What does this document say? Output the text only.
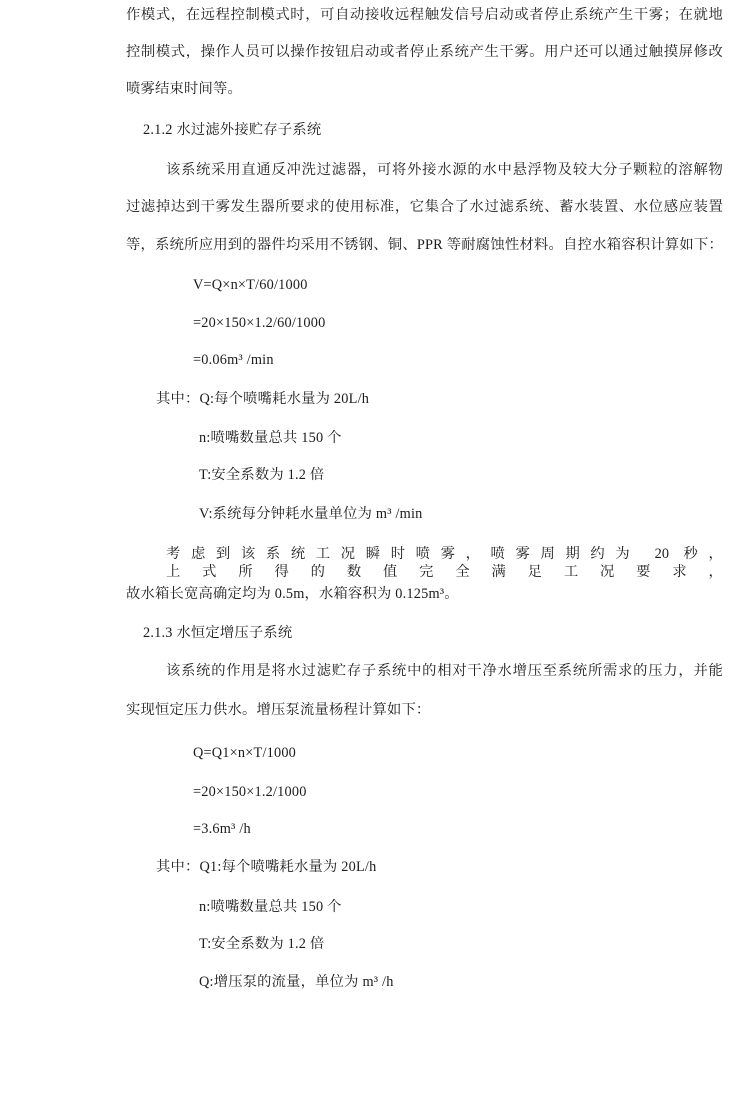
作模式，在远程控制模式时，可自动接收远程触发信号启动或者停止系统产生干雾；在就地
控制模式，操作人员可以操作按钮启动或者停止系统产生干雾。用户还可以通过触摸屏修改
喷雾结束时间等。
2.1.2 水过滤外接贮存子系统
该系统采用直通反冲洗过滤器，可将外接水源的水中悬浮物及较大分子颗粒的溶解物
过滤掉达到干雾发生器所要求的使用标准，它集合了水过滤系统、蓄水装置、水位感应装置
等，系统所应用到的器件均采用不锈钢、铜、PPR 等耐腐蚀性材料。自控水箱容积计算如下：
V=Q×n×T/60/1000
=20×150×1.2/60/1000
=0.06m³ /min
其中：Q:每个喷嘴耗水量为 20L/h
n:喷嘴数量总共 150 个
T:安全系数为 1.2 倍
V:系统每分钟耗水量单位为 m³ /min
考虑到该系统工况瞬时喷雾，喷雾周期约为 20 秒，上式所得的数值完全满足工况要求，
故水箱长宽高确定均为 0.5m，水箱容积为 0.125m³。
2.1.3 水恒定增压子系统
该系统的作用是将水过滤贮存子系统中的相对干净水增压至系统所需求的压力，并能
实现恒定压力供水。增压泵流量杨程计算如下：
Q=Q1×n×T/1000
=20×150×1.2/1000
=3.6m³ /h
其中：Q1:每个喷嘴耗水量为 20L/h
n:喷嘴数量总共 150 个
T:安全系数为 1.2 倍
Q:增压泵的流量，单位为 m³ /h
